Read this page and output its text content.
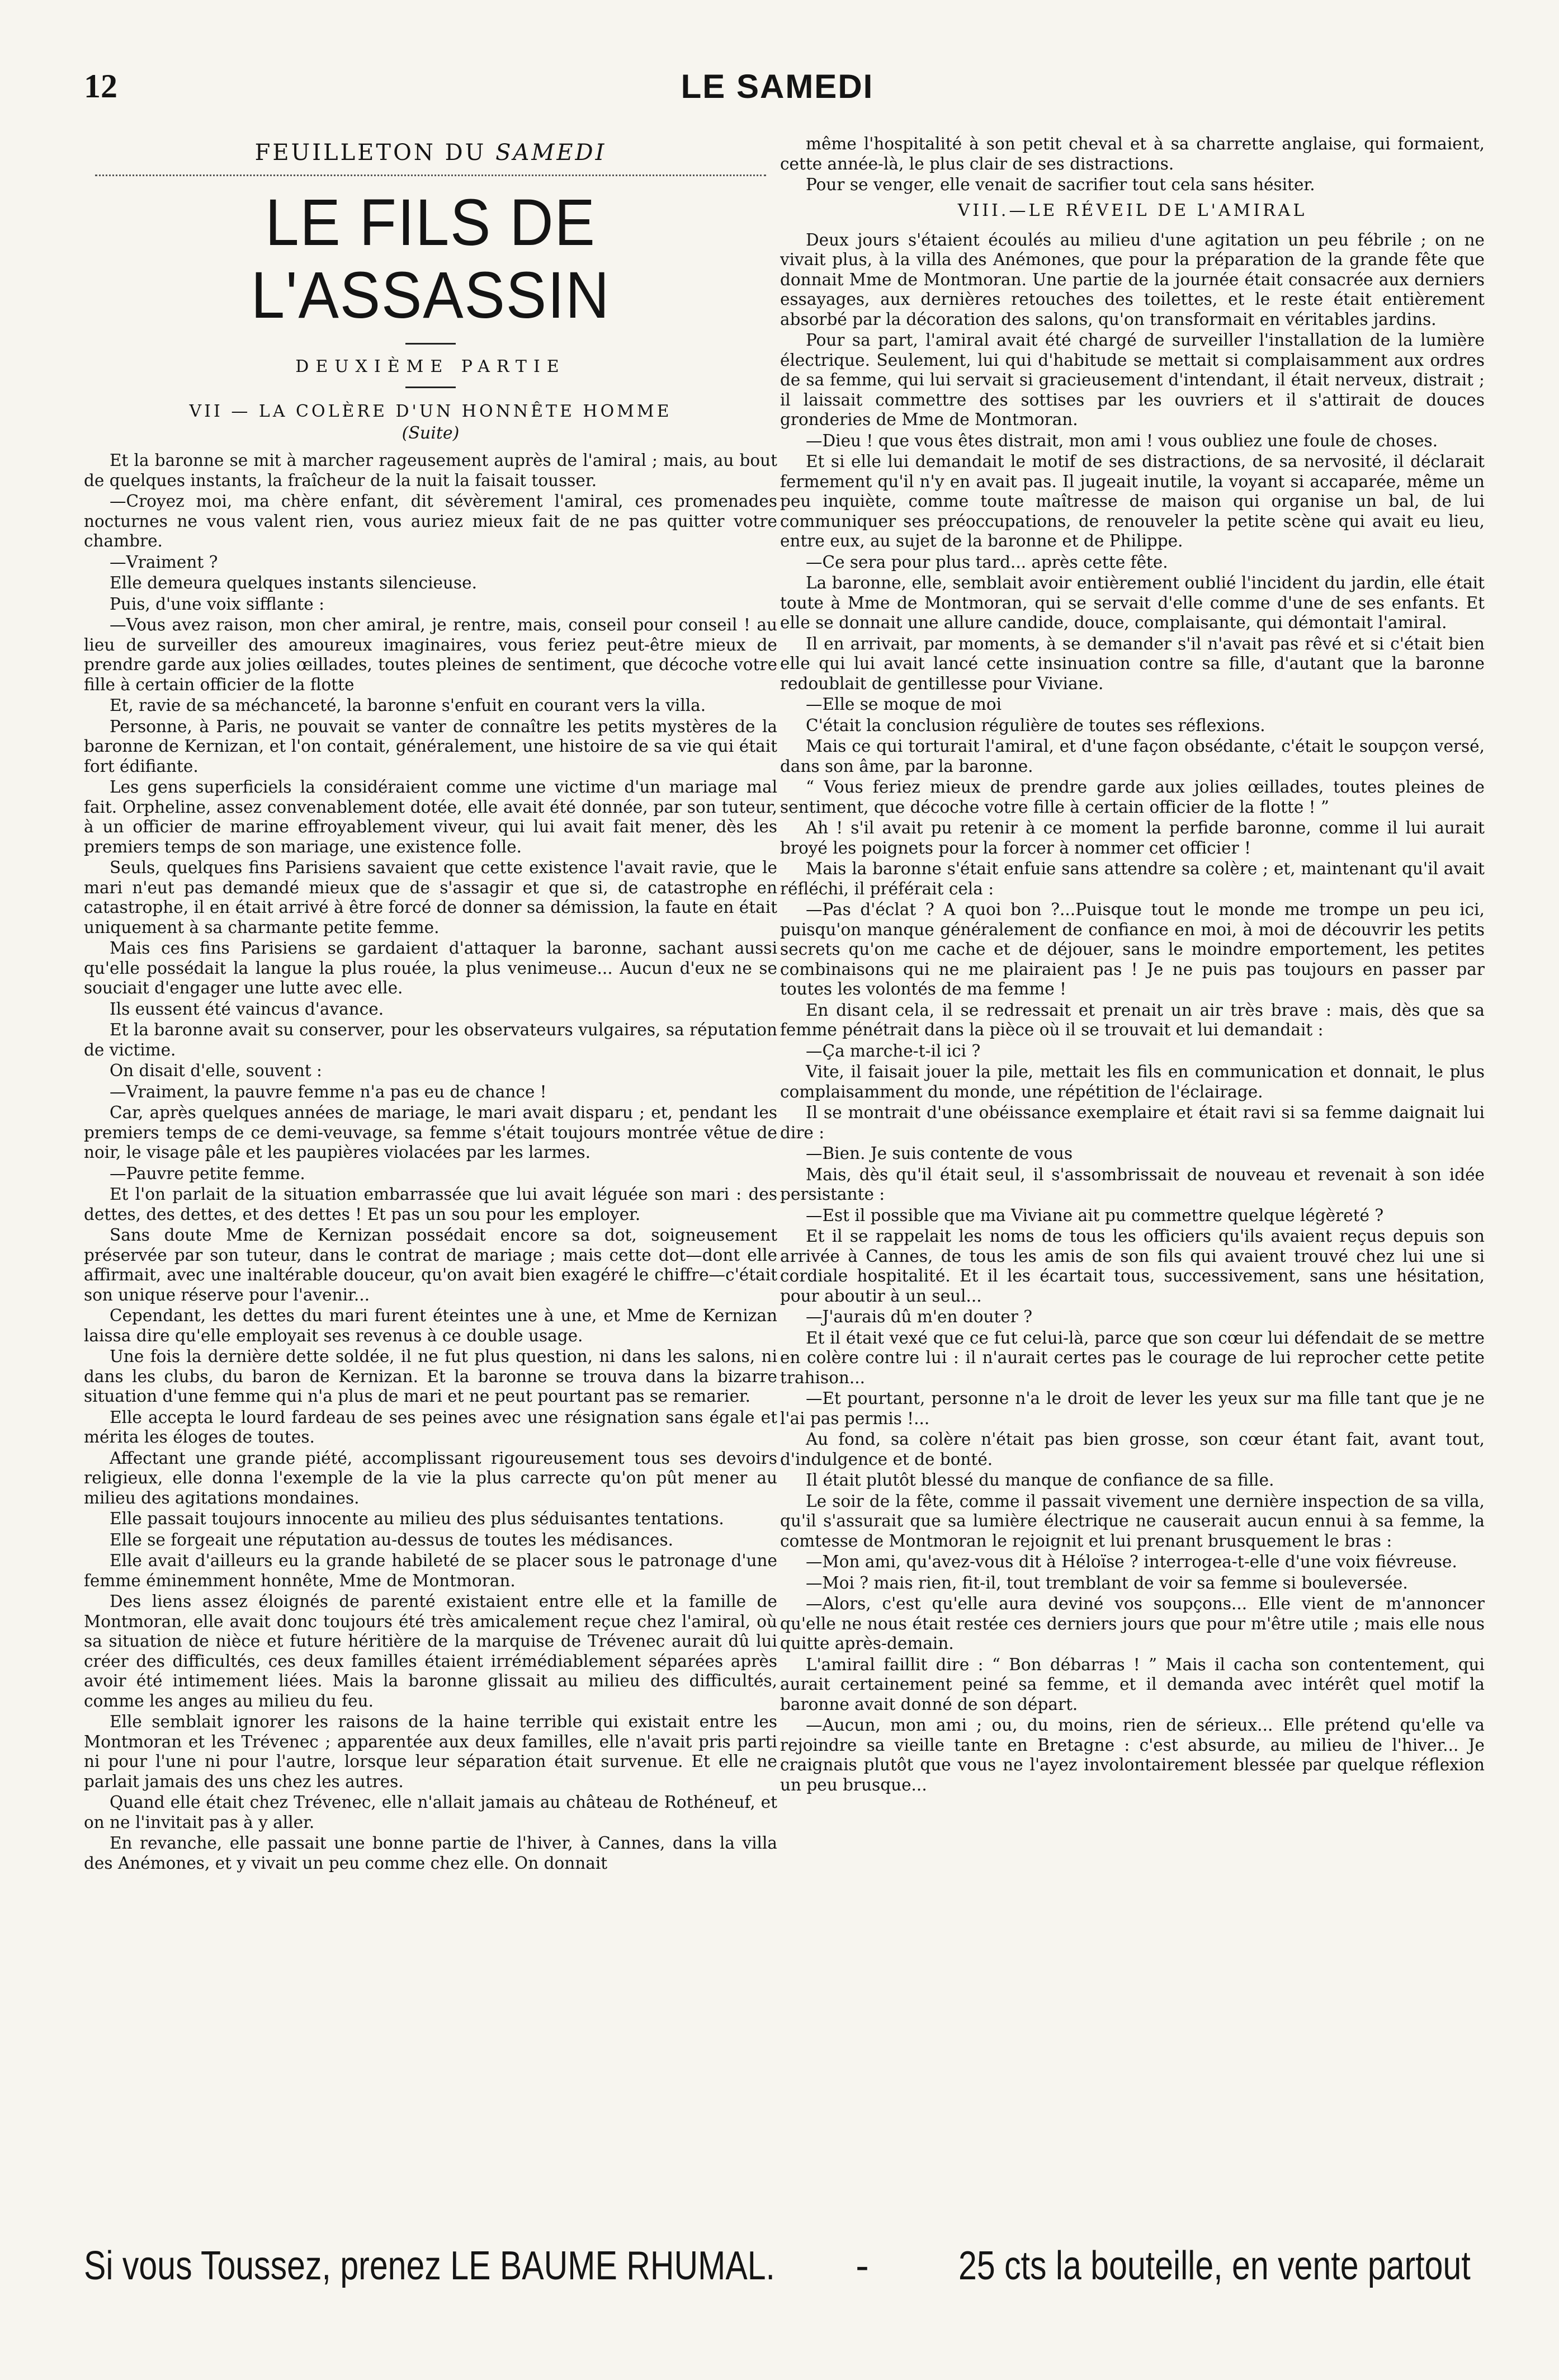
12	LE SAMEDI
FEUILLETON DU SAMEDI
LE FILS DE L'ASSASSIN
DEUXIÈME PARTIE
VII — LA COLÈRE D'UN HONNÊTE HOMME
(Suite)

Et la baronne se mit à marcher rageusement auprès de l'amiral ; mais, au bout de quelques instants, la fraîcheur de la nuit la faisait tousser.

—Croyez moi, ma chère enfant, dit sévèrement l'amiral, ces promenades nocturnes ne vous valent rien, vous auriez mieux fait de ne pas quitter votre chambre.

—Vraiment ?

Elle demeura quelques instants silencieuse.

Puis, d'une voix sifflante :

—Vous avez raison, mon cher amiral, je rentre, mais, conseil pour conseil ! au lieu de surveiller des amoureux imaginaires, vous feriez peut-être mieux de prendre garde aux jolies œillades, toutes pleines de sentiment, que décoche votre fille à certain officier de la flotte

Et, ravie de sa méchanceté, la baronne s'enfuit en courant vers la villa.

Personne, à Paris, ne pouvait se vanter de connaître les petits mystères de la baronne de Kernizan, et l'on contait, généralement, une histoire de sa vie qui était fort édifiante.

Les gens superficiels la considéraient comme une victime d'un mariage mal fait. Orpheline, assez convenablement dotée, elle avait été donnée, par son tuteur, à un officier de marine effroyablement viveur, qui lui avait fait mener, dès les premiers temps de son mariage, une existence folle.

Seuls, quelques fins Parisiens savaient que cette existence l'avait ravie, que le mari n'eut pas demandé mieux que de s'assagir et que si, de catastrophe en catastrophe, il en était arrivé à être forcé de donner sa démission, la faute en était uniquement à sa charmante petite femme.

Mais ces fins Parisiens se gardaient d'attaquer la baronne, sachant aussi qu'elle possédait la langue la plus rouée, la plus venimeuse... Aucun d'eux ne se souciait d'engager une lutte avec elle.

Ils eussent été vaincus d'avance.

Et la baronne avait su conserver, pour les observateurs vulgaires, sa réputation de victime.

On disait d'elle, souvent :

—Vraiment, la pauvre femme n'a pas eu de chance !

Car, après quelques années de mariage, le mari avait disparu ; et, pendant les premiers temps de ce demi-veuvage, sa femme s'était toujours montrée vêtue de noir, le visage pâle et les paupières violacées par les larmes.

—Pauvre petite femme.

Et l'on parlait de la situation embarrassée que lui avait léguée son mari : des dettes, des dettes, et des dettes ! Et pas un sou pour les employer.

Sans doute Mme de Kernizan possédait encore sa dot, soigneusement préservée par son tuteur, dans le contrat de mariage ; mais cette dot—dont elle affirmait, avec une inaltérable douceur, qu'on avait bien exagéré le chiffre—c'était son unique réserve pour l'avenir...

Cependant, les dettes du mari furent éteintes une à une, et Mme de Kernizan laissa dire qu'elle employait ses revenus à ce double usage.

Une fois la dernière dette soldée, il ne fut plus question, ni dans les salons, ni dans les clubs, du baron de Kernizan. Et la baronne se trouva dans la bizarre situation d'une femme qui n'a plus de mari et ne peut pourtant pas se remarier.

Elle accepta le lourd fardeau de ses peines avec une résignation sans égale et mérita les éloges de toutes.

Affectant une grande piété, accomplissant rigoureusement tous ses devoirs religieux, elle donna l'exemple de la vie la plus carrecte qu'on pût mener au milieu des agitations mondaines.

Elle passait toujours innocente au milieu des plus séduisantes tentations.

Elle se forgeait une réputation au-dessus de toutes les médisances.

Elle avait d'ailleurs eu la grande habileté de se placer sous le patronage d'une femme éminemment honnête, Mme de Montmoran.

Des liens assez éloignés de parenté existaient entre elle et la famille de Montmoran, elle avait donc toujours été très amicalement reçue chez l'amiral, où sa situation de nièce et future héritière de la marquise de Trévenec aurait dû lui créer des difficultés, ces deux familles étaient irrémédiablement séparées après avoir été intimement liées. Mais la baronne glissait au milieu des difficultés, comme les anges au milieu du feu.

Elle semblait ignorer les raisons de la haine terrible qui existait entre les Montmoran et les Trévenec ; apparentée aux deux familles, elle n'avait pris parti ni pour l'une ni pour l'autre, lorsque leur séparation était survenue. Et elle ne parlait jamais des uns chez les autres.

Quand elle était chez Trévenec, elle n'allait jamais au château de Rothéneuf, et on ne l'invitait pas à y aller.

En revanche, elle passait une bonne partie de l'hiver, à Cannes, dans la villa des Anémones, et y vivait un peu comme chez elle. On donnait

même l'hospitalité à son petit cheval et à sa charrette anglaise, qui formaient, cette année-là, le plus clair de ses distractions.

Pour se venger, elle venait de sacrifier tout cela sans hésiter.

VIII.—LE RÉVEIL DE L'AMIRAL

Deux jours s'étaient écoulés au milieu d'une agitation un peu fébrile ; on ne vivait plus, à la villa des Anémones, que pour la préparation de la grande fête que donnait Mme de Montmoran. Une partie de la journée était consacrée aux derniers essayages, aux dernières retouches des toilettes, et le reste était entièrement absorbé par la décoration des salons, qu'on transformait en véritables jardins.

Pour sa part, l'amiral avait été chargé de surveiller l'installation de la lumière électrique. Seulement, lui qui d'habitude se mettait si complaisamment aux ordres de sa femme, qui lui servait si gracieusement d'intendant, il était nerveux, distrait ; il laissait commettre des sottises par les ouvriers et il s'attirait de douces gronderies de Mme de Montmoran.

—Dieu ! que vous êtes distrait, mon ami ! vous oubliez une foule de choses.

Et si elle lui demandait le motif de ses distractions, de sa nervosité, il déclarait fermement qu'il n'y en avait pas. Il jugeait inutile, la voyant si accaparée, même un peu inquiète, comme toute maîtresse de maison qui organise un bal, de lui communiquer ses préoccupations, de renouveler la petite scène qui avait eu lieu, entre eux, au sujet de la baronne et de Philippe.

—Ce sera pour plus tard... après cette fête.

La baronne, elle, semblait avoir entièrement oublié l'incident du jardin, elle était toute à Mme de Montmoran, qui se servait d'elle comme d'une de ses enfants. Et elle se donnait une allure candide, douce, complaisante, qui démontait l'amiral.

Il en arrivait, par moments, à se demander s'il n'avait pas rêvé et si c'était bien elle qui lui avait lancé cette insinuation contre sa fille, d'autant que la baronne redoublait de gentillesse pour Viviane.

—Elle se moque de moi

C'était la conclusion régulière de toutes ses réflexions.

Mais ce qui torturait l'amiral, et d'une façon obsédante, c'était le soupçon versé, dans son âme, par la baronne.

“ Vous feriez mieux de prendre garde aux jolies œillades, toutes pleines de sentiment, que décoche votre fille à certain officier de la flotte ! ”

Ah ! s'il avait pu retenir à ce moment la perfide baronne, comme il lui aurait broyé les poignets pour la forcer à nommer cet officier !

Mais la baronne s'était enfuie sans attendre sa colère ; et, maintenant qu'il avait réfléchi, il préférait cela :

—Pas d'éclat ? A quoi bon ?...Puisque tout le monde me trompe un peu ici, puisqu'on manque généralement de confiance en moi, à moi de découvrir les petits secrets qu'on me cache et de déjouer, sans le moindre emportement, les petites combinaisons qui ne me plairaient pas ! Je ne puis pas toujours en passer par toutes les volontés de ma femme !

En disant cela, il se redressait et prenait un air très brave : mais, dès que sa femme pénétrait dans la pièce où il se trouvait et lui demandait :

—Ça marche-t-il ici ?

Vite, il faisait jouer la pile, mettait les fils en communication et donnait, le plus complaisamment du monde, une répétition de l'éclairage.

Il se montrait d'une obéissance exemplaire et était ravi si sa femme daignait lui dire :

—Bien. Je suis contente de vous

Mais, dès qu'il était seul, il s'assombrissait de nouveau et revenait à son idée persistante :

—Est il possible que ma Viviane ait pu commettre quelque légèreté ?

Et il se rappelait les noms de tous les officiers qu'ils avaient reçus depuis son arrivée à Cannes, de tous les amis de son fils qui avaient trouvé chez lui une si cordiale hospitalité. Et il les écartait tous, successivement, sans une hésitation, pour aboutir à un seul...

—J'aurais dû m'en douter ?

Et il était vexé que ce fut celui-là, parce que son cœur lui défendait de se mettre en colère contre lui : il n'aurait certes pas le courage de lui reprocher cette petite trahison...

—Et pourtant, personne n'a le droit de lever les yeux sur ma fille tant que je ne l'ai pas permis !...

Au fond, sa colère n'était pas bien grosse, son cœur étant fait, avant tout, d'indulgence et de bonté.

Il était plutôt blessé du manque de confiance de sa fille.

Le soir de la fête, comme il passait vivement une dernière inspection de sa villa, qu'il s'assurait que sa lumière électrique ne causerait aucun ennui à sa femme, la comtesse de Montmoran le rejoignit et lui prenant brusquement le bras :

—Mon ami, qu'avez-vous dit à Héloïse ? interrogea-t-elle d'une voix fiévreuse.

—Moi ? mais rien, fit-il, tout tremblant de voir sa femme si bouleversée.

—Alors, c'est qu'elle aura deviné vos soupçons... Elle vient de m'annoncer qu'elle ne nous était restée ces derniers jours que pour m'être utile ; mais elle nous quitte après-demain.

L'amiral faillit dire : “ Bon débarras ! ” Mais il cacha son contentement, qui aurait certainement peiné sa femme, et il demanda avec intérêt quel motif la baronne avait donné de son départ.

—Aucun, mon ami ; ou, du moins, rien de sérieux... Elle prétend qu'elle va rejoindre sa vieille tante en Bretagne : c'est absurde, au milieu de l'hiver... Je craignais plutôt que vous ne l'ayez involontairement blessée par quelque réflexion un peu brusque...

Si vous Toussez, prenez LE BAUME RHUMAL. - 25 cts la bouteille, en vente partout
